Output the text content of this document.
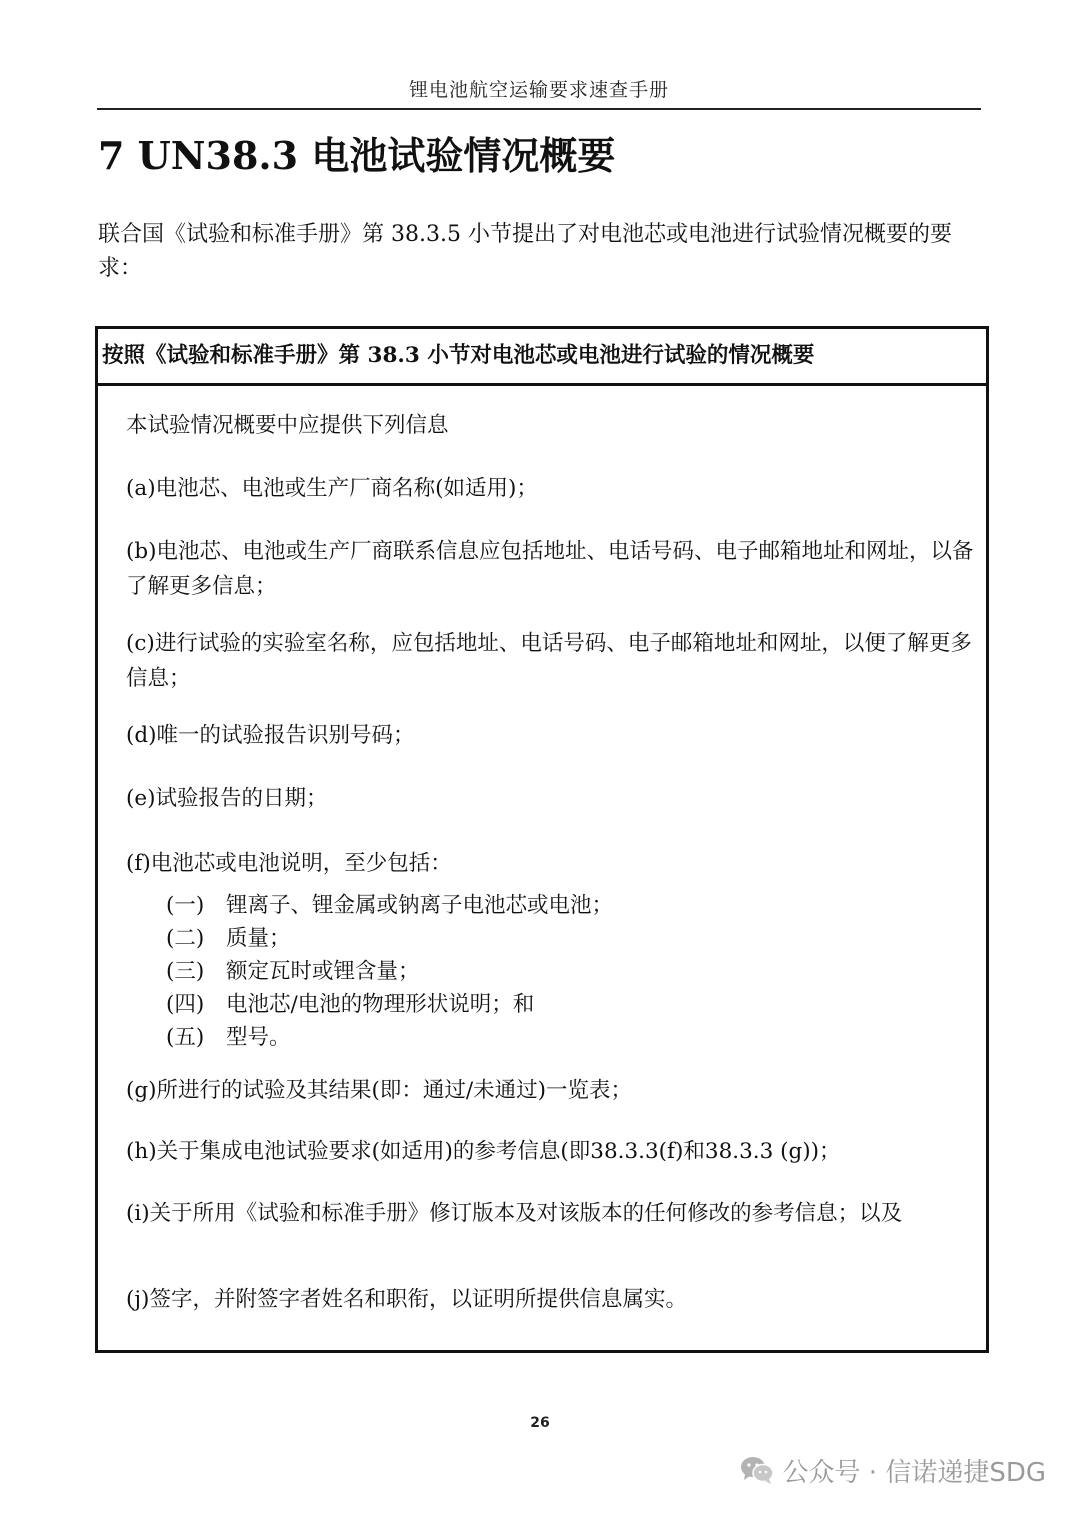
锂电池航空运输要求速查手册
7 UN38.3 电池试验情况概要
联合国《试验和标准手册》第 38.3.5 小节提出了对电池芯或电池进行试验情况概要的要求：
按照《试验和标准手册》第 38.3 小节对电池芯或电池进行试验的情况概要
本试验情况概要中应提供下列信息
(a)电池芯、电池或生产厂商名称(如适用)；
(b)电池芯、电池或生产厂商联系信息应包括地址、电话号码、电子邮箱地址和网址，以备了解更多信息；
(c)进行试验的实验室名称，应包括地址、电话号码、电子邮箱地址和网址，以便了解更多信息；
(d)唯一的试验报告识别号码；
(e)试验报告的日期；
(f)电池芯或电池说明，至少包括：
(一) 锂离子、锂金属或钠离子电池芯或电池；
(二) 质量；
(三) 额定瓦时或锂含量；
(四) 电池芯/电池的物理形状说明；和
(五) 型号。
(g)所进行的试验及其结果(即：通过/未通过)一览表；
(h)关于集成电池试验要求(如适用)的参考信息(即38.3.3(f)和38.3.3 (g))；
(i)关于所用《试验和标准手册》修订版本及对该版本的任何修改的参考信息；以及
(j)签字，并附签字者姓名和职衔，以证明所提供信息属实。
26
公众号 · 信诺递捷SDG
